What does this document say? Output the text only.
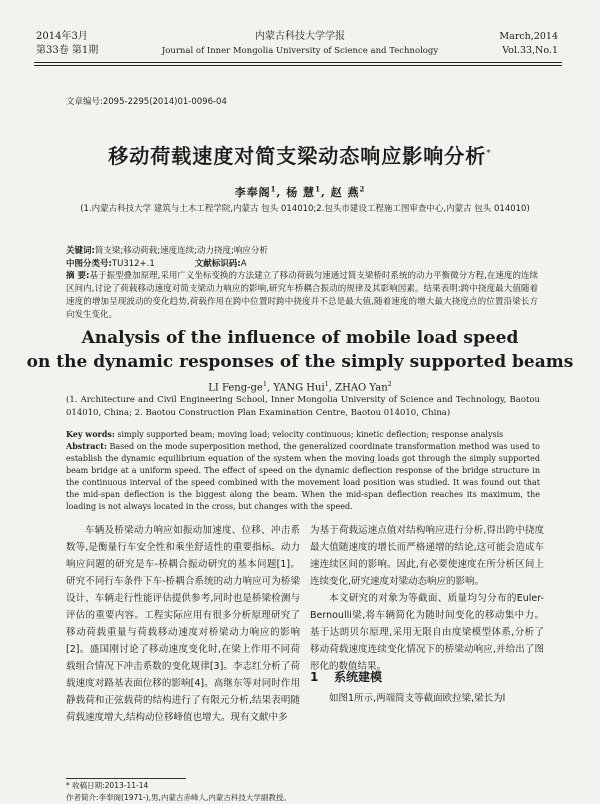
2014年3月
第33卷 第1期
内蒙古科技大学学报
Journal of Inner Mongolia University of Science and Technology
March,2014
Vol.33,No.1
文章编号:2095-2295(2014)01-0096-04
移动荷载速度对简支梁动态响应影响分析*
李奉阁$^1$, 杨 慧$^1$, 赵 燕$^2$
(1.内蒙古科技大学 建筑与土木工程学院,内蒙古 包头 014010;2.包头市建设工程施工图审查中心,内蒙古 包头 014010)
关键词:简支梁;移动荷载;速度连续;动力挠度;响应分析
中图分类号:TU312+.1	文献标识码:A
摘 要:基于振型叠加原理,采用广义坐标变换的方法建立了移动荷载匀速通过简支梁桥时系统的动力平衡微分方程,在速度的连续区间内,讨论了荷载移动速度对简支梁动力响应的影响,研究车桥耦合振动的规律及其影响因素。结果表明:跨中挠度最大值随着速度的增加呈现波动的变化趋势,荷载作用在跨中位置时跨中挠度并不总是最大值,随着速度的增大最大挠度点的位置沿梁长方向发生变化。
Analysis of the influence of mobile load speed
on the dynamic responses of the simply supported beams
LI Feng-$ge^1$, YANG Hui$^1$, ZHAO Yan$^2$
(1. Architecture and Civil Engineering School, Inner Mongolia University of Science and Technology, Baotou 014010, China; 2. Baotou Construction Plan Examination Centre, Baotou 014010, China)
Key words: simply supported beam; moving load; velocity continuous; kinetic deflection; response analysis
Abstract: Based on the mode superposition method, the generalized coordinate transformation method was used to establish the dynamic equilibrium equation of the system when the moving loads got through the simply supported beam bridge at a uniform speed. The effect of speed on the dynamic deflection response of the bridge structure in the continuous interval of the speed combined with the movement load position was studied. It was found out that the mid-span deflection is the biggest along the beam. When the mid-span deflection reaches its maximum, the loading is not always located in the cross, but changes with the speed.

车辆及桥梁动力响应如振动加速度、位移、冲击系数等,是衡量行车安全性和乘坐舒适性的重要指标。动力响应问题的研究是车-桥耦合振动研究的基本问题[1]。研究不同行车条件下车-桥耦合系统的动力响应可为桥梁设计、车辆走行性能评估提供参考,同时也是桥梁检测与评估的重要内容。工程实际应用有很多分析原理研究了移动荷载重量与荷载移动速度对桥梁动力响应的影响[2]。盛国刚讨论了移动速度变化时,在梁上作用不同荷载组合情况下冲击系数的变化规律[3]。李志红分析了荷载速度对路基表面位移的影响[4]。高继东等对同时作用静载荷和正弦载荷的结构进行了有限元分析,结果表明随荷载速度增大,结构动位移峰值也增大。现有文献中多

为基于荷载运速点值对结构响应进行分析,得出跨中挠度最大值随速度的增长而严格递增的结论,这可能会造成车速连续区间的影响。因此,有必要使速度在所分析区间上连续变化,研究速度对梁动态响应的影响。

本文研究的对象为等截面、质量均匀分布的Euler-Bernoulli梁,将车辆简化为随时间变化的移动集中力。基于达朗贝尔原理,采用无限自由度梁模型体系,分析了移动荷载速度连续变化情况下的桥梁动响应,并给出了图形化的数值结果。

1 系统建模

如图1所示,两端简支等截面欧拉梁,梁长为l

* 收稿日期:2013-11-14
作者简介:李奉阁(1971-),男,内蒙古赤峰人,内蒙古科技大学副教授。
